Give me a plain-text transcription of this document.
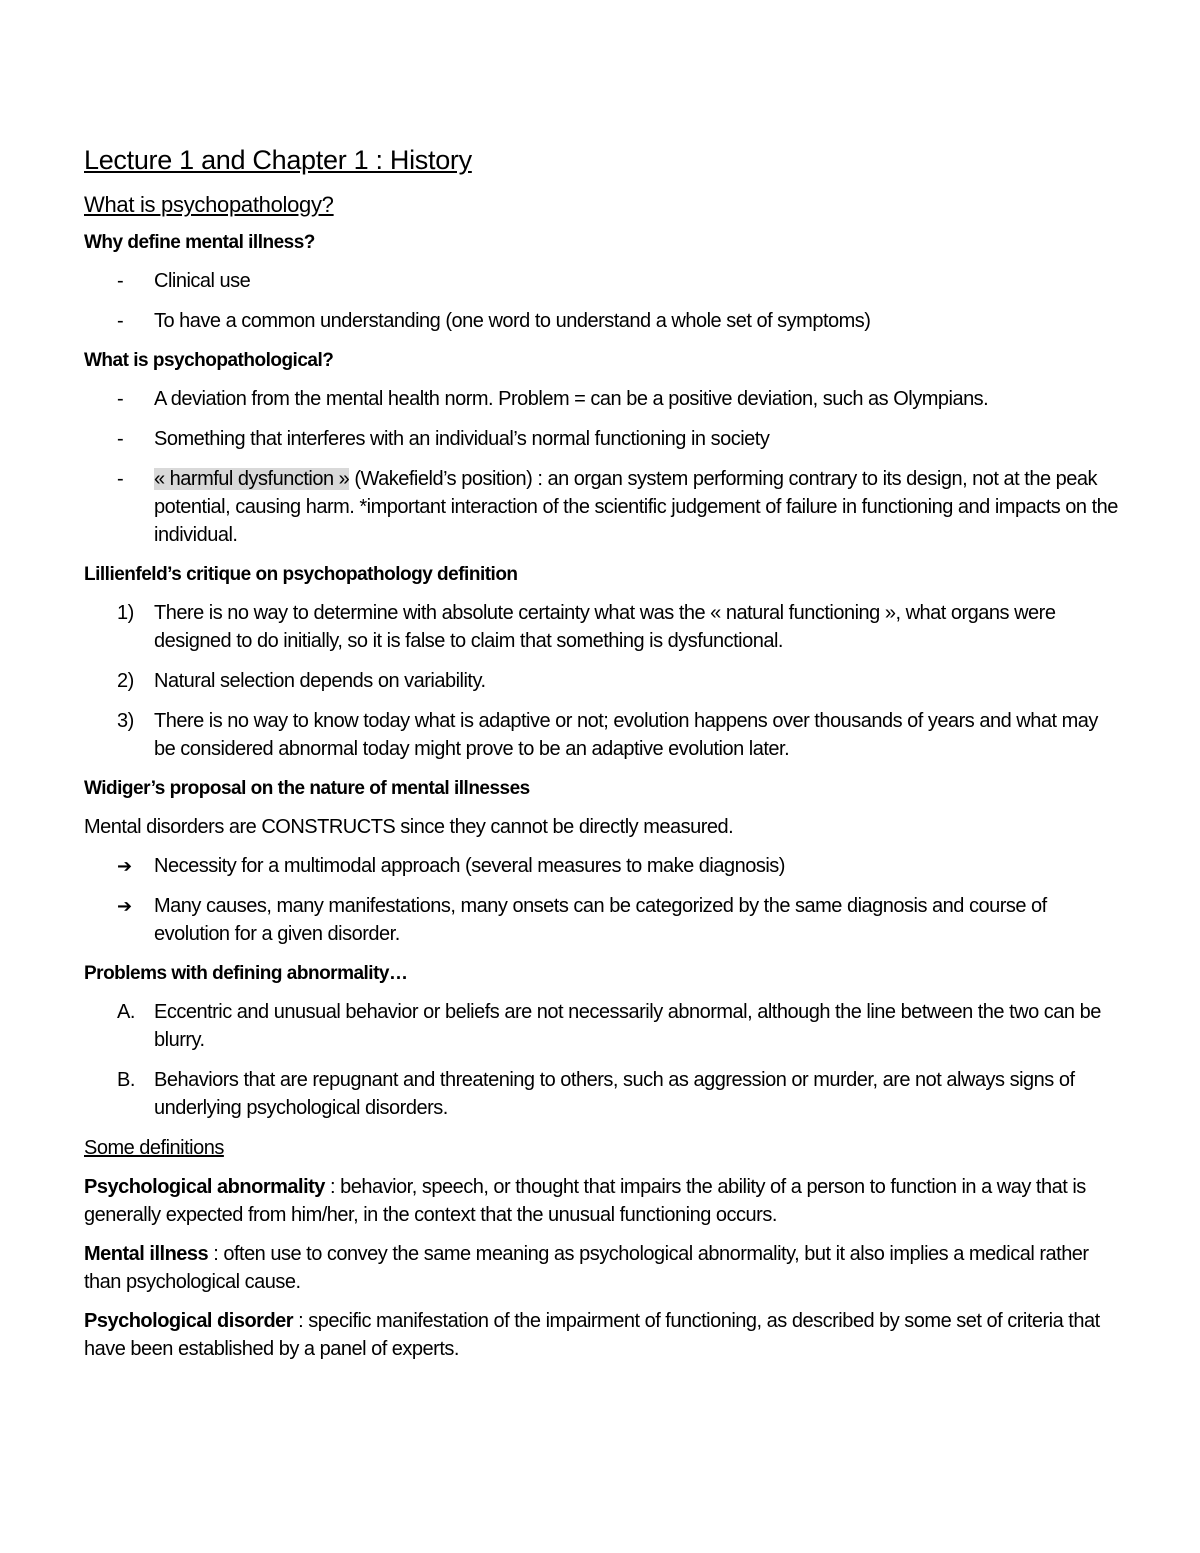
Lecture 1 and Chapter 1 : History
What is psychopathology?
Why define mental illness?
- Clinical use
- To have a common understanding (one word to understand a whole set of symptoms)
What is psychopathological?
- A deviation from the mental health norm. Problem = can be a positive deviation, such as Olympians.
- Something that interferes with an individual’s normal functioning in society
- « harmful dysfunction » (Wakefield’s position) : an organ system performing contrary to its design, not at the peak potential, causing harm. *important interaction of the scientific judgement of failure in functioning and impacts on the individual.
Lillienfeld’s critique on psychopathology definition
1) There is no way to determine with absolute certainty what was the « natural functioning », what organs were designed to do initially, so it is false to claim that something is dysfunctional.
2) Natural selection depends on variability.
3) There is no way to know today what is adaptive or not; evolution happens over thousands of years and what may be considered abnormal today might prove to be an adaptive evolution later.
Widiger’s proposal on the nature of mental illnesses
Mental disorders are CONSTRUCTS since they cannot be directly measured.
➔ Necessity for a multimodal approach (several measures to make diagnosis)
➔ Many causes, many manifestations, many onsets can be categorized by the same diagnosis and course of evolution for a given disorder.
Problems with defining abnormality…
A. Eccentric and unusual behavior or beliefs are not necessarily abnormal, although the line between the two can be blurry.
B. Behaviors that are repugnant and threatening to others, such as aggression or murder, are not always signs of underlying psychological disorders.
Some definitions
Psychological abnormality : behavior, speech, or thought that impairs the ability of a person to function in a way that is generally expected from him/her, in the context that the unusual functioning occurs.
Mental illness : often use to convey the same meaning as psychological abnormality, but it also implies a medical rather than psychological cause.
Psychological disorder : specific manifestation of the impairment of functioning, as described by some set of criteria that have been established by a panel of experts.
